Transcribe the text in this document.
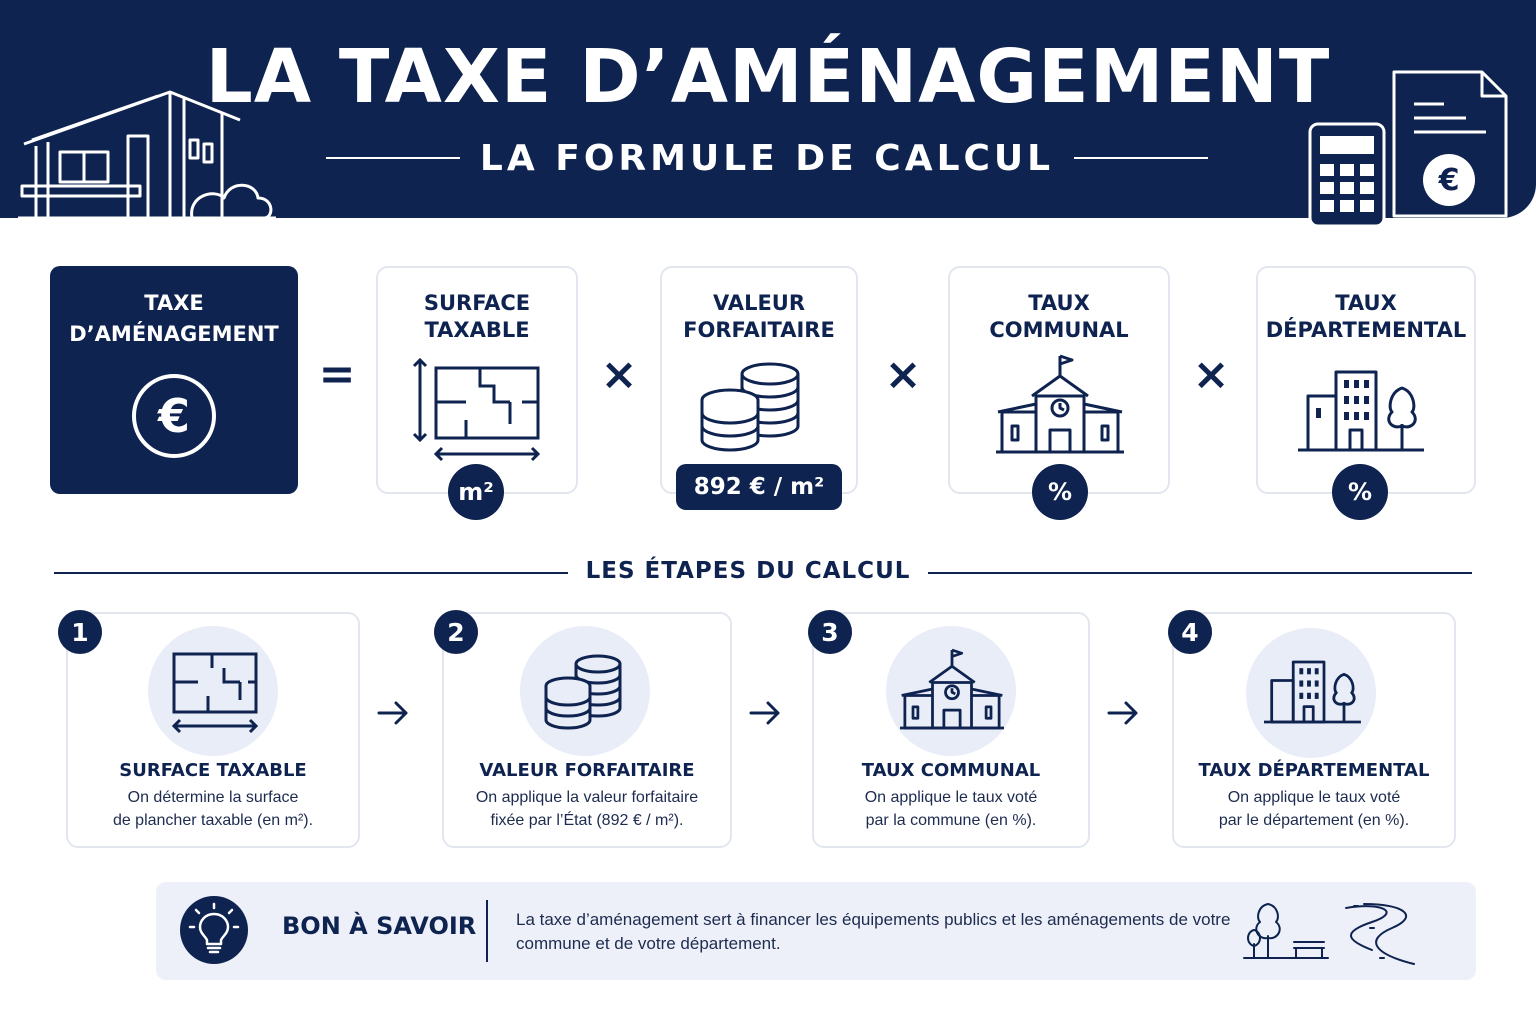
LA TAXE D’AMÉNAGEMENT
LA FORMULE DE CALCUL
€
TAXE
D’AMÉNAGEMENT
€
=
SURFACE
TAXABLE
m²
×
VALEUR
FORFAITAIRE
892 € / m²
×
TAUX
COMMUNAL
%
×
TAUX
DÉPARTEMENTAL
%
LES ÉTAPES DU CALCUL
SURFACE TAXABLE
On détermine la surface
de plancher taxable (en m²).
1
VALEUR FORFAITAIRE
On applique la valeur forfaitaire
fixée par l’État (892 € / m²).
2
TAUX COMMUNAL
On applique le taux voté
par la commune (en %).
3
TAUX DÉPARTEMENTAL
On applique le taux voté
par le département (en %).
4
BON À SAVOIR La taxe d’aménagement sert à financer les équipements publics et les aménagements de votre commune et de votre département.
